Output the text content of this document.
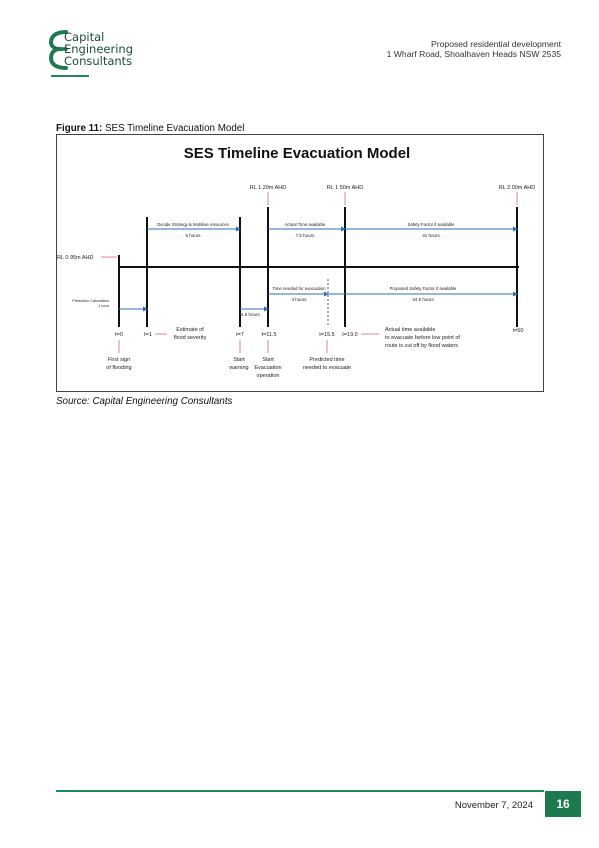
Capital
Engineering
Consultants
Proposed residential development
1 Wharf Road, Shoalhaven Heads NSW 2535
Figure 11: SES Timeline Evacuation Model
SES Timeline Evacuation Model
RL 0.95m AHD
RL 1.20m AHD	RL 1.50m AHD	RL 2.00m AHD
Decide Strategy & Mobilise resources
6 hours
Actual Time available
7.5 hours
Safety Factor if available
31 hours
Time needed for evacuation
4 hours
Proposed Safety Factor if available
34.5 hours
Prediction Calculation
1 hour
4.5 hours
t=0	t=1	t=7	t=11.5	t=15.5 t=19.0
t=50
First sign
of flooding
Estimate of
flood severity
Start
warning
Start
Evacuation
operation
Predicted time
needed to evacuate
Actual time available
to evacuate before low point of
route is cut off by flood waters
Source: Capital Engineering Consultants
November 7, 2024	16
